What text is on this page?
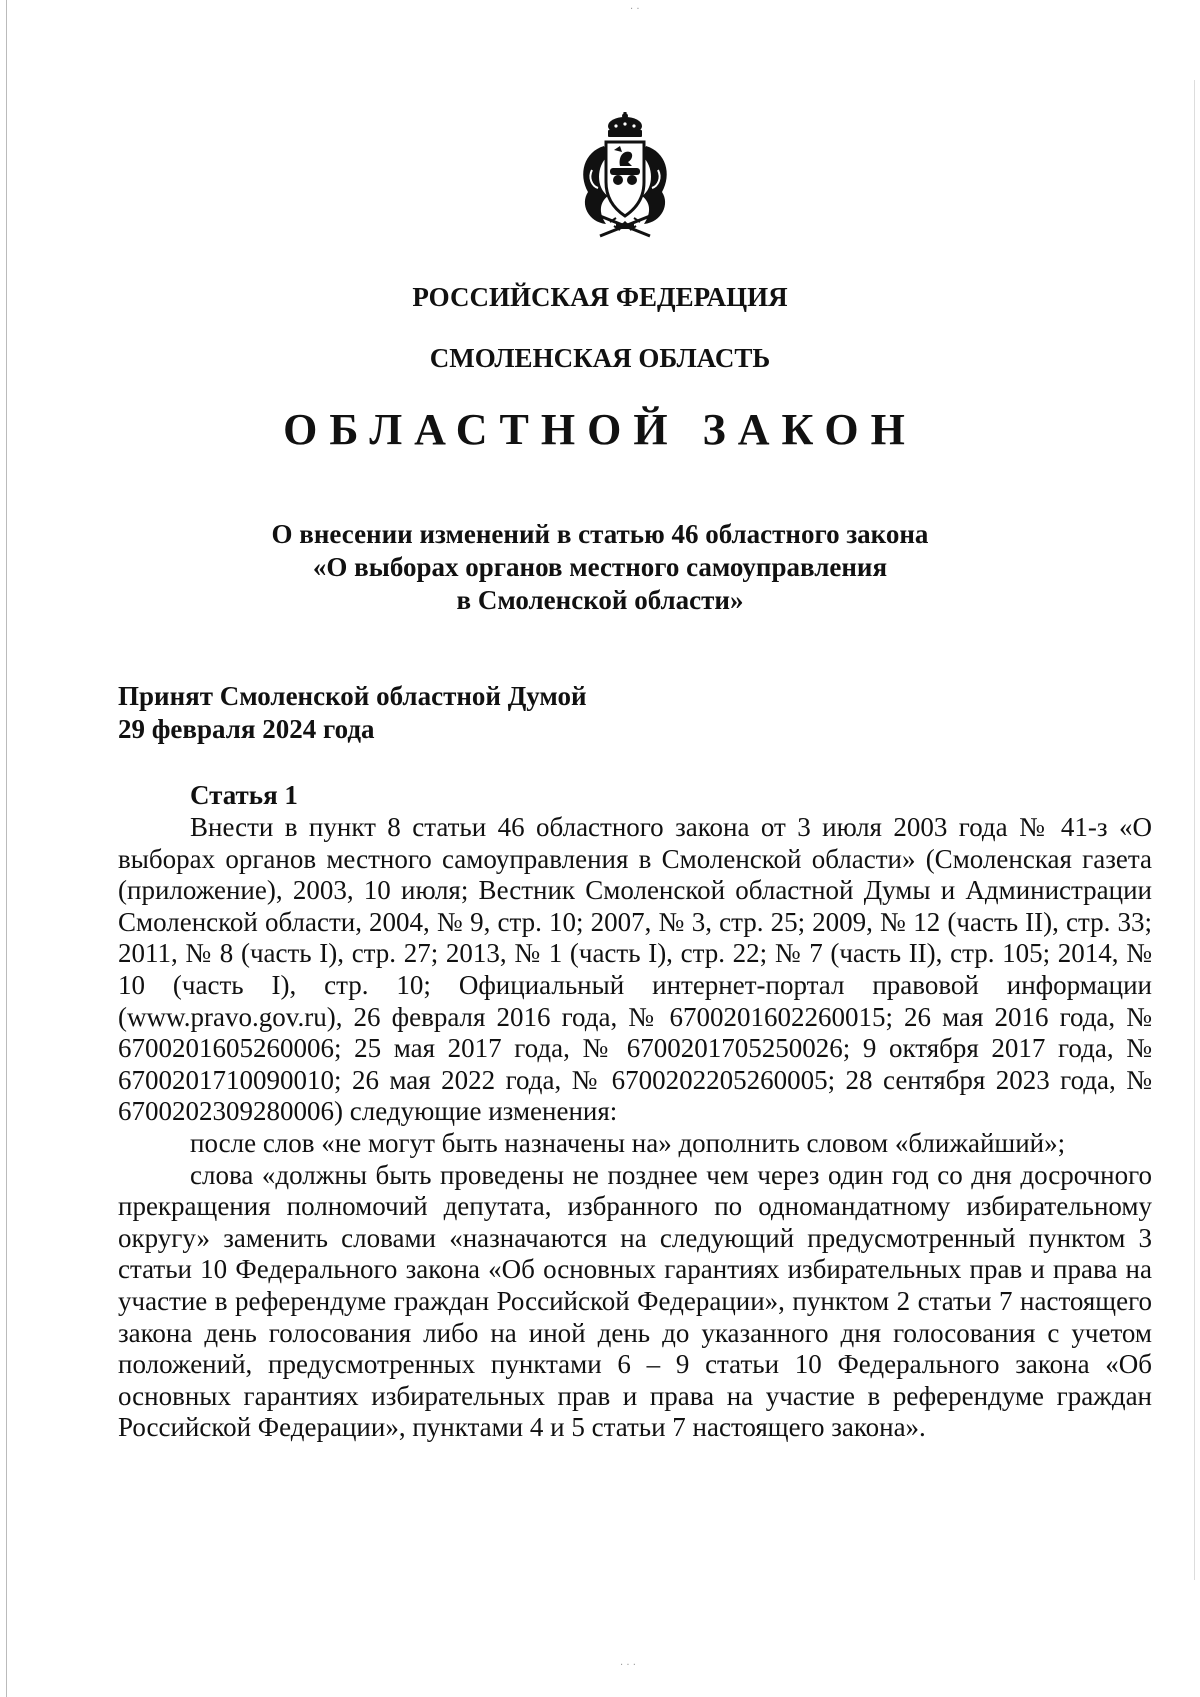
· ·
· · ·
РОССИЙСКАЯ ФЕДЕРАЦИЯ
СМОЛЕНСКАЯ ОБЛАСТЬ
ОБЛАСТНОЙ ЗАКОН
О внесении изменений в статью 46 областного закона
«О выборах органов местного самоуправления
в Смоленской области»
Принят Смоленской областной Думой
29 февраля 2024 года
Статья 1

Внести в пункт 8 статьи 46 областного закона от 3 июля 2003 года № 41-з «О выборах органов местного самоуправления в Смоленской области» (Смоленская газета (приложение), 2003, 10 июля; Вестник Смоленской областной Думы и Администрации Смоленской области, 2004, № 9, стр. 10; 2007, № 3, стр. 25; 2009, № 12 (часть II), стр. 33; 2011, № 8 (часть I), стр. 27; 2013, № 1 (часть I), стр. 22; № 7 (часть II), стр. 105; 2014, № 10 (часть I), стр. 10; Официальный интернет-портал правовой информации (www.pravo.gov.ru), 26 февраля 2016 года, № 6700201602260015; 26 мая 2016 года, № 6700201605260006; 25 мая 2017 года, № 6700201705250026; 9 октября 2017 года, № 6700201710090010; 26 мая 2022 года, № 6700202205260005; 28 сентября 2023 года, № 6700202309280006) следующие изменения:

после слов «не могут быть назначены на» дополнить словом «ближайший»;

слова «должны быть проведены не позднее чем через один год со дня досрочного прекращения полномочий депутата, избранного по одномандатному избирательному округу» заменить словами «назначаются на следующий предусмотренный пунктом 3 статьи 10 Федерального закона «Об основных гарантиях избирательных прав и права на участие в референдуме граждан Российской Федерации», пунктом 2 статьи 7 настоящего закона день голосования либо на иной день до указанного дня голосования с учетом положений, предусмотренных пунктами 6 – 9 статьи 10 Федерального закона «Об основных гарантиях избирательных прав и права на участие в референдуме граждан Российской Федерации», пунктами 4 и 5 статьи 7 настоящего закона».
